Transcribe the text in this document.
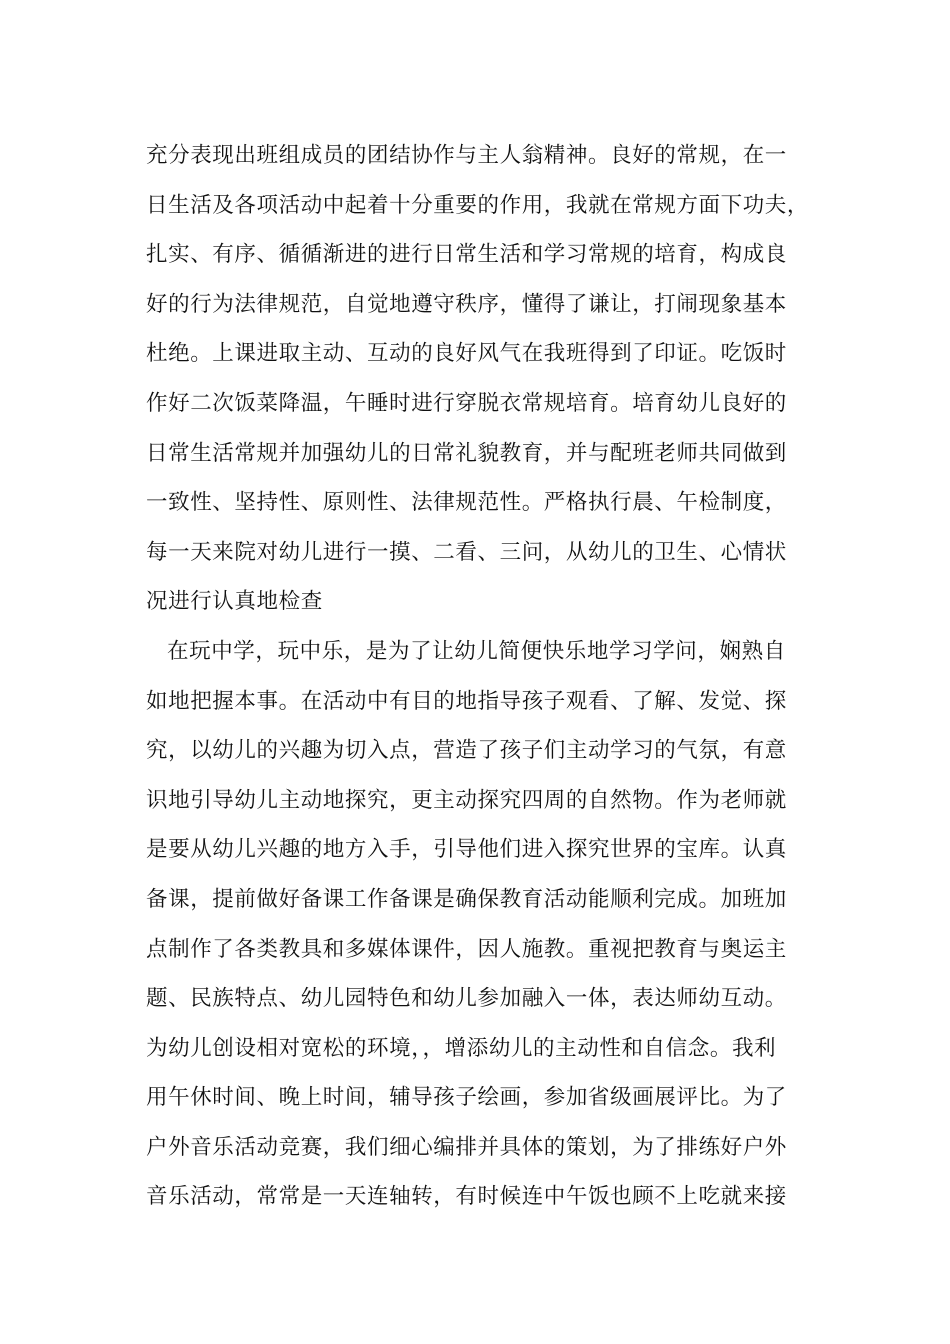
充分表现出班组成员的团结协作与主人翁精神。良好的常规，在一
日生活及各项活动中起着十分重要的作用，我就在常规方面下功夫，
扎实、有序、循循渐进的进行日常生活和学习常规的培育，构成良
好的行为法律规范，自觉地遵守秩序，懂得了谦让，打闹现象基本
杜绝。上课进取主动、互动的良好风气在我班得到了印证。吃饭时
作好二次饭菜降温，午睡时进行穿脱衣常规培育。培育幼儿良好的
日常生活常规并加强幼儿的日常礼貌教育，并与配班老师共同做到
一致性、坚持性、原则性、法律规范性。严格执行晨、午检制度，
每一天来院对幼儿进行一摸、二看、三问，从幼儿的卫生、心情状
况进行认真地检查
在玩中学，玩中乐，是为了让幼儿简便快乐地学习学问，娴熟自
如地把握本事。在活动中有目的地指导孩子观看、了解、发觉、探
究，以幼儿的兴趣为切入点，营造了孩子们主动学习的气氛，有意
识地引导幼儿主动地探究，更主动探究四周的自然物。作为老师就
是要从幼儿兴趣的地方入手，引导他们进入探究世界的宝库。认真
备课，提前做好备课工作备课是确保教育活动能顺利完成。加班加
点制作了各类教具和多媒体课件，因人施教。重视把教育与奥运主
题、民族特点、幼儿园特色和幼儿参加融入一体，表达师幼互动。
为幼儿创设相对宽松的环境，，增添幼儿的主动性和自信念。我利
用午休时间、晚上时间，辅导孩子绘画，参加省级画展评比。为了
户外音乐活动竞赛，我们细心编排并具体的策划，为了排练好户外
音乐活动，常常是一天连轴转，有时候连中午饭也顾不上吃就来接
